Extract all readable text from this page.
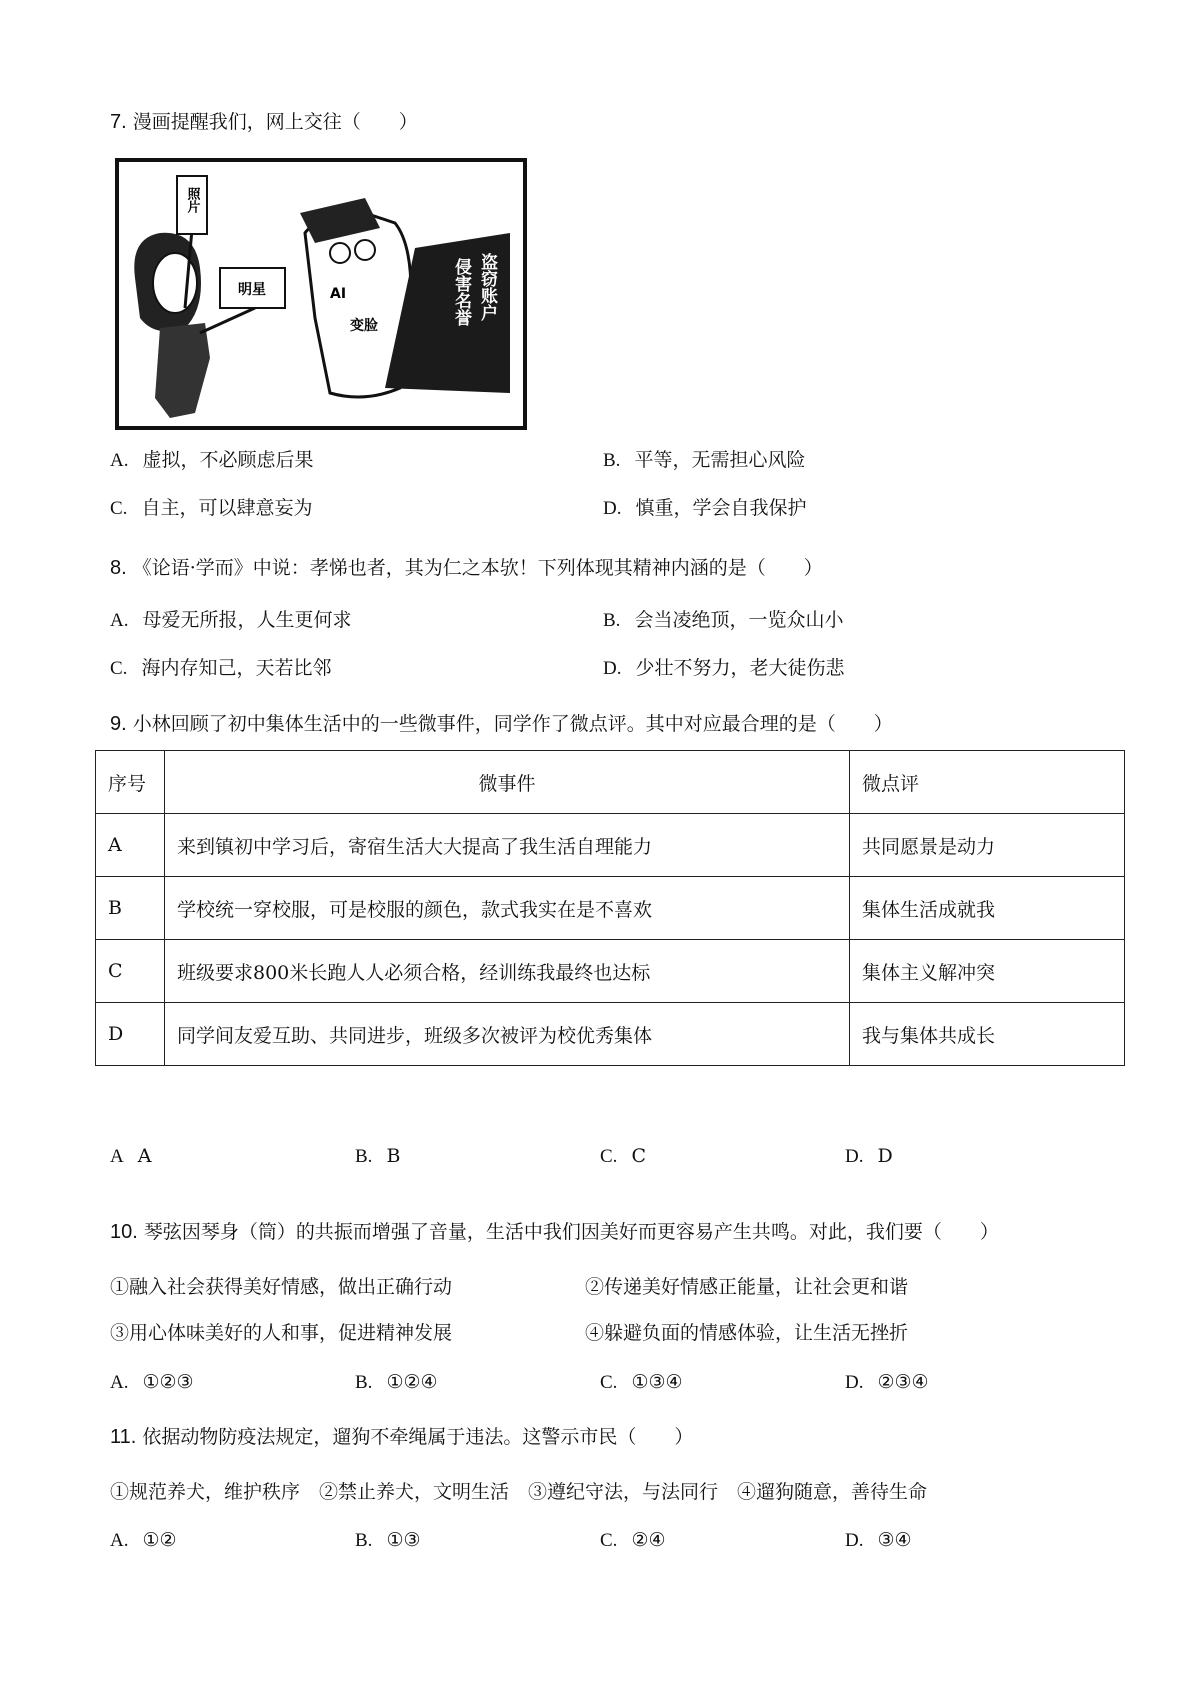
7. 漫画提醒我们，网上交往（　　）
照片
明星	AI
变脸
盗窃账户
侵害名誉
A. 虚拟，不必顾虑后果	B. 平等，无需担心风险
C. 自主，可以肆意妄为	D. 慎重，学会自我保护
8. 《论语·学而》中说：孝悌也者，其为仁之本欤！下列体现其精神内涵的是（　　）
A. 母爱无所报，人生更何求	B. 会当凌绝顶，一览众山小
C. 海内存知己，天若比邻	D. 少壮不努力，老大徒伤悲
9. 小林回顾了初中集体生活中的一些微事件，同学作了微点评。其中对应最合理的是（　　）
序号	微事件	微点评
A	来到镇初中学习后，寄宿生活大大提高了我生活自理能力	共同愿景是动力
B	学校统一穿校服，可是校服的颜色，款式我实在是不喜欢	集体生活成就我
C	班级要求800米长跑人人必须合格，经训练我最终也达标	集体主义解冲突
D	同学间友爱互助、共同进步，班级多次被评为校优秀集体	我与集体共成长
A A	B. B	C. C	D. D
10. 琴弦因琴身（筒）的共振而增强了音量，生活中我们因美好而更容易产生共鸣。对此，我们要（　　）
①融入社会获得美好情感，做出正确行动	②传递美好情感正能量，让社会更和谐
③用心体味美好的人和事，促进精神发展	④躲避负面的情感体验，让生活无挫折
A. ①②③	B. ①②④	C. ①③④	D. ②③④
11. 依据动物防疫法规定，遛狗不牵绳属于违法。这警示市民（　　）
①规范养犬，维护秩序　②禁止养犬，文明生活　③遵纪守法，与法同行　④遛狗随意，善待生命
A. ①②	B. ①③	C. ②④	D. ③④
